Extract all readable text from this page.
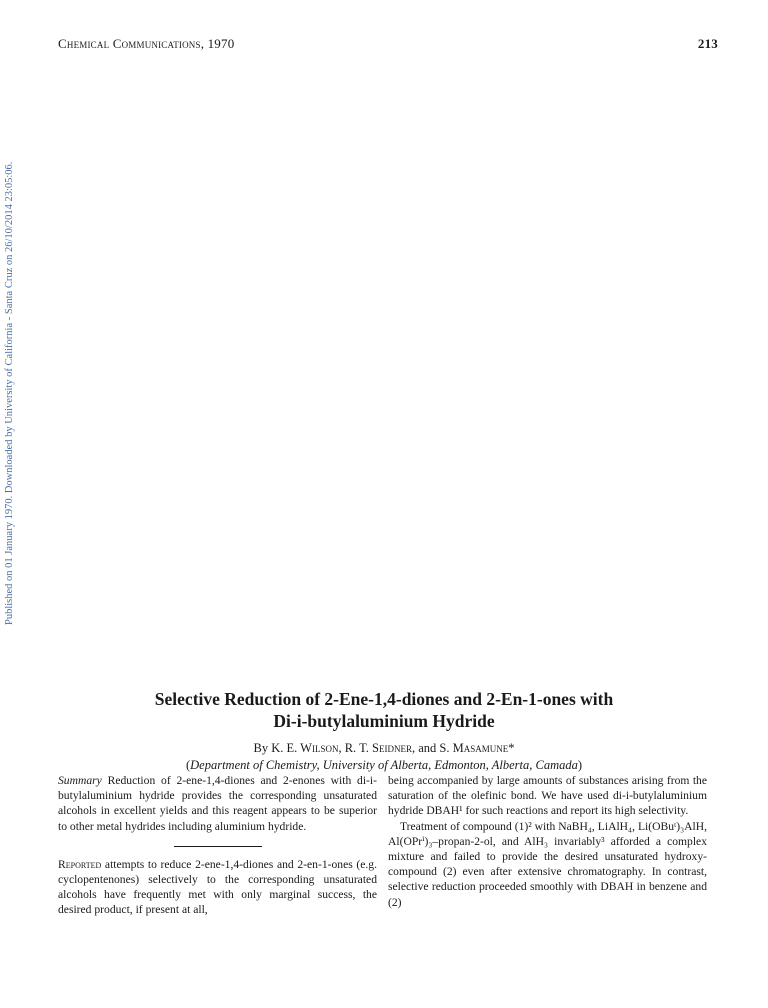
Chemical Communications, 1970	213
Published on 01 January 1970. Downloaded by University of California - Santa Cruz on 26/10/2014 23:05:06.
Selective Reduction of 2-Ene-1,4-diones and 2-En-1-ones with
Di-i-butylaluminium Hydride
By K. E. Wilson, R. T. Seidner, and S. Masamune*
(Department of Chemistry, University of Alberta, Edmonton, Alberta, Camada)

Summary Reduction of 2-ene-1,4-diones and 2-enones with di-i-butylaluminium hydride provides the corresponding unsaturated alcohols in excellent yields and this reagent appears to be superior to other metal hydrides including aluminium hydride.

Reported attempts to reduce 2-ene-1,4-diones and 2-en-1-ones (e.g. cyclopentenones) selectively to the corresponding unsaturated alcohols have frequently met with only marginal success, the desired product, if present at all,

being accompanied by large amounts of substances arising from the saturation of the olefinic bond. We have used di-i-butylaluminium hydride DBAH¹ for such reactions and report its high selectivity.

Treatment of compound (1)² with NaBH₄, LiAlH₄, Li(OBuᵗ)₃AlH, Al(OPrⁱ)₃–propan-2-ol, and AlH₃ invariably³ afforded a complex mixture and failed to provide the desired unsaturated hydroxy-compound (2) even after extensive chromatography. In contrast, selective reduction proceeded smoothly with DBAH in benzene and (2)
